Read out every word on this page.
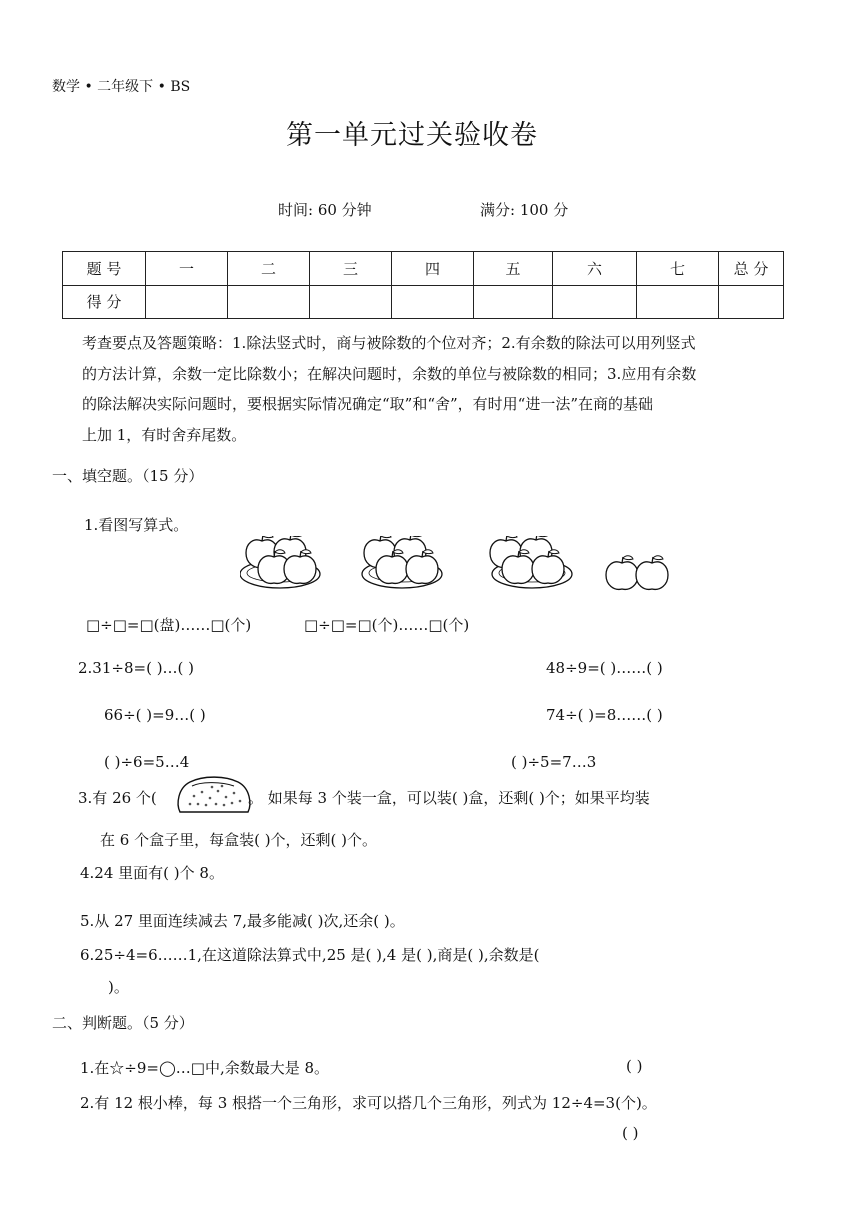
数学 • 二年级下 • BS
第一单元过关验收卷
时间: 60 分钟	满分: 100 分
题 号	一	二	三	四	五	六	七	总 分
得 分								
考查要点及答题策略：1.除法竖式时，商与被除数的个位对齐；2.有余数的除法可以用列竖式
的方法计算，余数一定比除数小；在解决问题时，余数的单位与被除数的相同；3.应用有余数
的除法解决实际问题时，要根据实际情况确定“取”和“舍”，有时用“进一法”在商的基础
上加 1，有时舍弃尾数。
一、填空题。（15 分）
1.看图写算式。
□÷□=□(盘)……□(个)	□÷□=□(个)……□(个)
2.31÷8=( )…( )	48÷9=( )……( )
66÷( )=9…( )	74÷( )=8……( )
( )÷6=5…4	( )÷5=7…3
3.有 26 个(	。 如果每 3 个装一盒，可以装( )盒，还剩( )个；如果平均装
在 6 个盒子里，每盒装( )个，还剩( )个。
4.24 里面有( )个 8。
5.从 27 里面连续减去 7,最多能减( )次,还余( )。
6.25÷4=6……1,在这道除法算式中,25 是( ),4 是( ),商是( ),余数是(
)。
二、判断题。（5 分）
1.在☆÷9=◯…□中,余数最大是 8。	( )
2.有 12 根小棒，每 3 根搭一个三角形，求可以搭几个三角形，列式为 12÷4=3(个)。
( )
